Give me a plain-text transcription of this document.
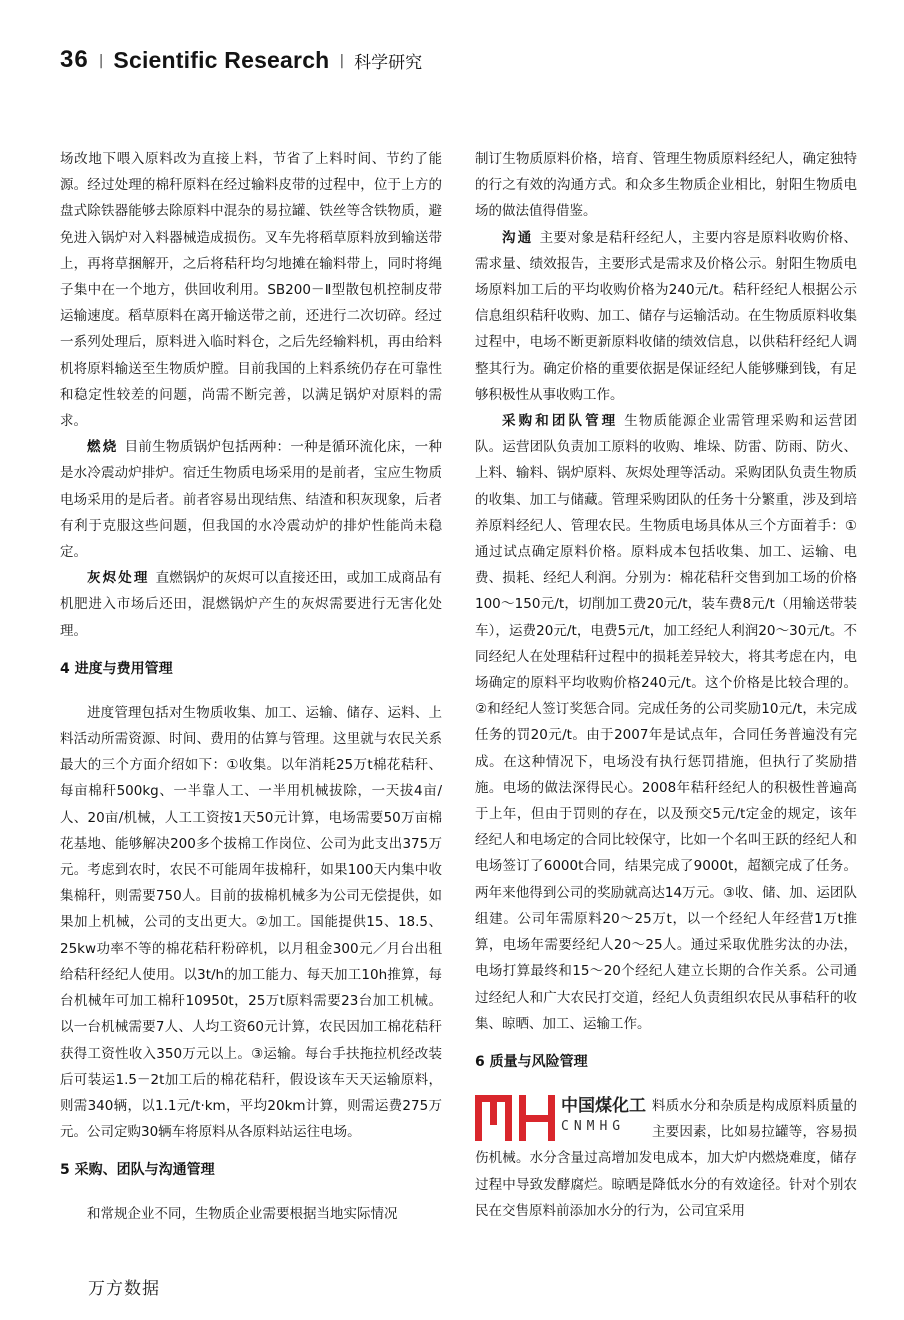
36 | Scientific Research | 科学研究

场改地下喂入原料改为直接上料，节省了上料时间、节约了能源。经过处理的棉秆原料在经过输料皮带的过程中，位于上方的盘式除铁器能够去除原料中混杂的易拉罐、铁丝等含铁物质，避免进入锅炉对入料器械造成损伤。叉车先将稻草原料放到输送带上，再将草捆解开，之后将秸秆均匀地摊在输料带上，同时将绳子集中在一个地方，供回收利用。SB200－Ⅱ型散包机控制皮带运输速度。稻草原料在离开输送带之前，还进行二次切碎。经过一系列处理后，原料进入临时料仓，之后先经输料机，再由给料机将原料输送至生物质炉膛。目前我国的上料系统仍存在可靠性和稳定性较差的问题，尚需不断完善，以满足锅炉对原料的需求。

燃烧 目前生物质锅炉包括两种：一种是循环流化床，一种是水冷震动炉排炉。宿迁生物质电场采用的是前者，宝应生物质电场采用的是后者。前者容易出现结焦、结渣和积灰现象，后者有利于克服这些问题，但我国的水冷震动炉的排炉性能尚未稳定。

灰烬处理 直燃锅炉的灰烬可以直接还田，或加工成商品有机肥进入市场后还田，混燃锅炉产生的灰烬需要进行无害化处理。

4 进度与费用管理

进度管理包括对生物质收集、加工、运输、储存、运料、上料活动所需资源、时间、费用的估算与管理。这里就与农民关系最大的三个方面介绍如下：①收集。以年消耗25万t棉花秸秆、每亩棉秆500kg、一半靠人工、一半用机械拔除，一天拔4亩/人、20亩/机械，人工工资按1天50元计算，电场需要50万亩棉花基地、能够解决200多个拔棉工作岗位、公司为此支出375万元。考虑到农时，农民不可能周年拔棉秆，如果100天内集中收集棉秆，则需要750人。目前的拔棉机械多为公司无偿提供，如果加上机械，公司的支出更大。②加工。国能提供15、18.5、25kw功率不等的棉花秸秆粉碎机，以月租金300元／月台出租给秸秆经纪人使用。以3t/h的加工能力、每天加工10h推算，每台机械年可加工棉秆10950t，25万t原料需要23台加工机械。以一台机械需要7人、人均工资60元计算，农民因加工棉花秸秆获得工资性收入350万元以上。③运输。每台手扶拖拉机经改装后可装运1.5－2t加工后的棉花秸秆，假设该车天天运输原料，则需340辆，以1.1元/t·km，平均20km计算，则需运费275万元。公司定购30辆车将原料从各原料站运往电场。

5 采购、团队与沟通管理

和常规企业不同，生物质企业需要根据当地实际情况

制订生物质原料价格，培育、管理生物质原料经纪人，确定独特的行之有效的沟通方式。和众多生物质企业相比，射阳生物质电场的做法值得借鉴。

沟通 主要对象是秸秆经纪人，主要内容是原料收购价格、需求量、绩效报告，主要形式是需求及价格公示。射阳生物质电场原料加工后的平均收购价格为240元/t。秸秆经纪人根据公示信息组织秸秆收购、加工、储存与运输活动。在生物质原料收集过程中，电场不断更新原料收储的绩效信息，以供秸秆经纪人调整其行为。确定价格的重要依据是保证经纪人能够赚到钱，有足够积极性从事收购工作。

采购和团队管理 生物质能源企业需管理采购和运营团队。运营团队负责加工原料的收购、堆垛、防雷、防雨、防火、上料、输料、锅炉原料、灰烬处理等活动。采购团队负责生物质的收集、加工与储藏。管理采购团队的任务十分繁重，涉及到培养原料经纪人、管理农民。生物质电场具体从三个方面着手：①通过试点确定原料价格。原料成本包括收集、加工、运输、电费、损耗、经纪人利润。分别为：棉花秸秆交售到加工场的价格100～150元/t，切削加工费20元/t，装车费8元/t（用输送带装车），运费20元/t，电费5元/t，加工经纪人利润20～30元/t。不同经纪人在处理秸秆过程中的损耗差异较大，将其考虑在内，电场确定的原料平均收购价格240元/t。这个价格是比较合理的。②和经纪人签订奖惩合同。完成任务的公司奖励10元/t，未完成任务的罚20元/t。由于2007年是试点年，合同任务普遍没有完成。在这种情况下，电场没有执行惩罚措施，但执行了奖励措施。电场的做法深得民心。2008年秸秆经纪人的积极性普遍高于上年，但由于罚则的存在，以及预交5元/t定金的规定，该年经纪人和电场定的合同比较保守，比如一个名叫王跃的经纪人和电场签订了6000t合同，结果完成了9000t，超额完成了任务。两年来他得到公司的奖励就高达14万元。③收、储、加、运团队组建。公司年需原料20～25万t，以一个经纪人年经营1万t推算，电场年需要经纪人20～25人。通过采取优胜劣汰的办法，电场打算最终和15～20个经纪人建立长期的合作关系。公司通过经纪人和广大农民打交道，经纪人负责组织农民从事秸秆的收集、晾晒、加工、运输工作。

6 质量与风险管理
中国煤化工
CNMHG

料质水分和杂质是构成原料质量的主要因素，比如易拉罐等，容易损伤机械。水分含量过高增加发电成本，加大炉内燃烧难度，储存过程中导致发酵腐烂。晾晒是降低水分的有效途径。针对个别农民在交售原料前添加水分的行为，公司宜采用

万方数据
